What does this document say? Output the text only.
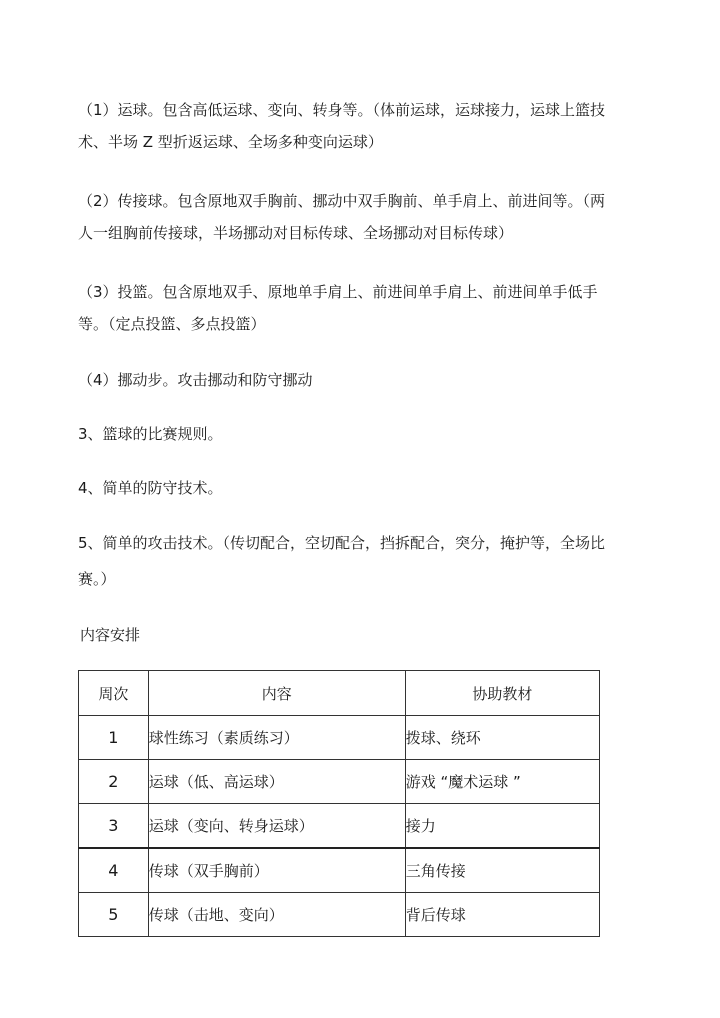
（1）运球。包含高低运球、变向、转身等。（体前运球，运球接力，运球上篮技术、半场 Z 型折返运球、全场多种变向运球）

（2）传接球。包含原地双手胸前、挪动中双手胸前、单手肩上、前进间等。（两人一组胸前传接球，半场挪动对目标传球、全场挪动对目标传球）

（3）投篮。包含原地双手、原地单手肩上、前进间单手肩上、前进间单手低手等。（定点投篮、多点投篮）

（4）挪动步。攻击挪动和防守挪动

3、篮球的比赛规则。

4、简单的防守技术。

5、简单的攻击技术。（传切配合，空切配合，挡拆配合，突分，掩护等，全场比赛。）

内容安排

周次	内容	协助教材
1	球性练习（素质练习）	拨球、绕环
2	运球（低、高运球）	游戏 “魔术运球 ”
3	运球（变向、转身运球）	接力
4	传球（双手胸前）	三角传接
5	传球（击地、变向）	背后传球
